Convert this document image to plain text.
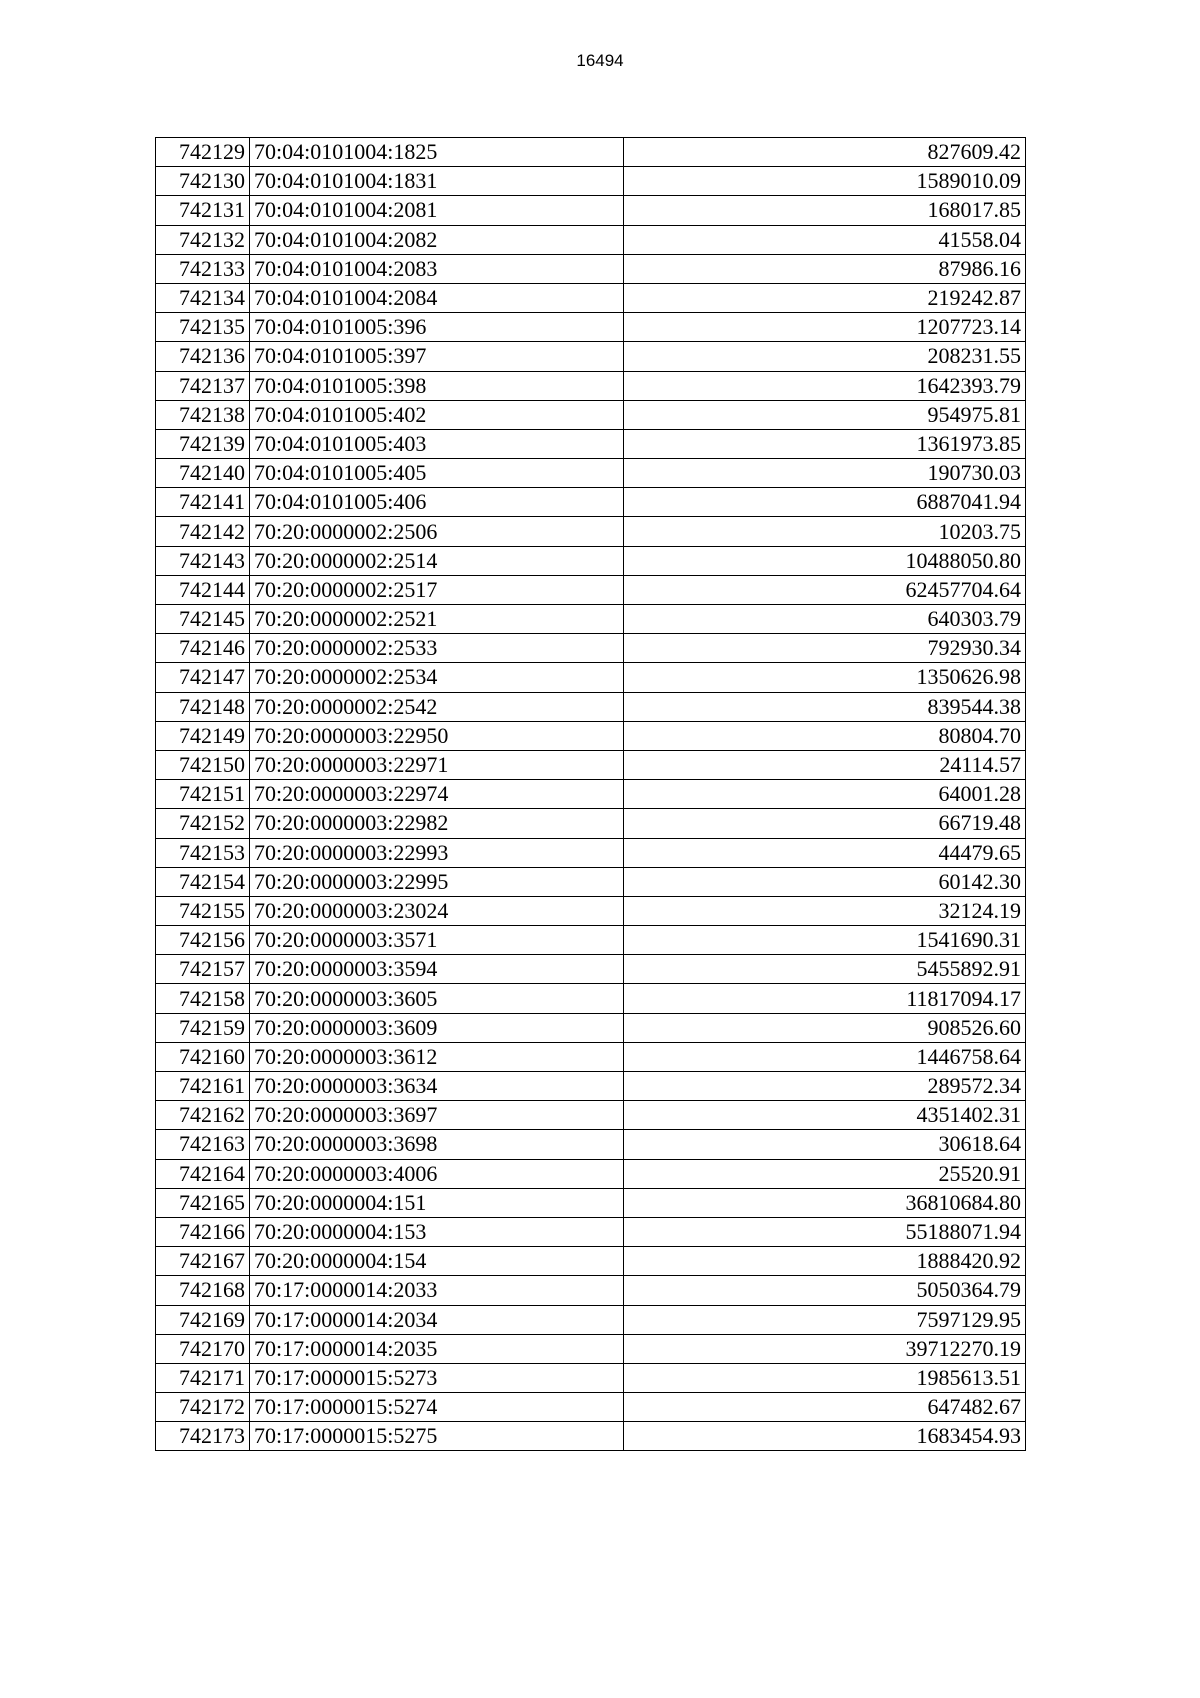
16494
742129	70:04:0101004:1825	827609.42
742130	70:04:0101004:1831	1589010.09
742131	70:04:0101004:2081	168017.85
742132	70:04:0101004:2082	41558.04
742133	70:04:0101004:2083	87986.16
742134	70:04:0101004:2084	219242.87
742135	70:04:0101005:396	1207723.14
742136	70:04:0101005:397	208231.55
742137	70:04:0101005:398	1642393.79
742138	70:04:0101005:402	954975.81
742139	70:04:0101005:403	1361973.85
742140	70:04:0101005:405	190730.03
742141	70:04:0101005:406	6887041.94
742142	70:20:0000002:2506	10203.75
742143	70:20:0000002:2514	10488050.80
742144	70:20:0000002:2517	62457704.64
742145	70:20:0000002:2521	640303.79
742146	70:20:0000002:2533	792930.34
742147	70:20:0000002:2534	1350626.98
742148	70:20:0000002:2542	839544.38
742149	70:20:0000003:22950	80804.70
742150	70:20:0000003:22971	24114.57
742151	70:20:0000003:22974	64001.28
742152	70:20:0000003:22982	66719.48
742153	70:20:0000003:22993	44479.65
742154	70:20:0000003:22995	60142.30
742155	70:20:0000003:23024	32124.19
742156	70:20:0000003:3571	1541690.31
742157	70:20:0000003:3594	5455892.91
742158	70:20:0000003:3605	11817094.17
742159	70:20:0000003:3609	908526.60
742160	70:20:0000003:3612	1446758.64
742161	70:20:0000003:3634	289572.34
742162	70:20:0000003:3697	4351402.31
742163	70:20:0000003:3698	30618.64
742164	70:20:0000003:4006	25520.91
742165	70:20:0000004:151	36810684.80
742166	70:20:0000004:153	55188071.94
742167	70:20:0000004:154	1888420.92
742168	70:17:0000014:2033	5050364.79
742169	70:17:0000014:2034	7597129.95
742170	70:17:0000014:2035	39712270.19
742171	70:17:0000015:5273	1985613.51
742172	70:17:0000015:5274	647482.67
742173	70:17:0000015:5275	1683454.93
